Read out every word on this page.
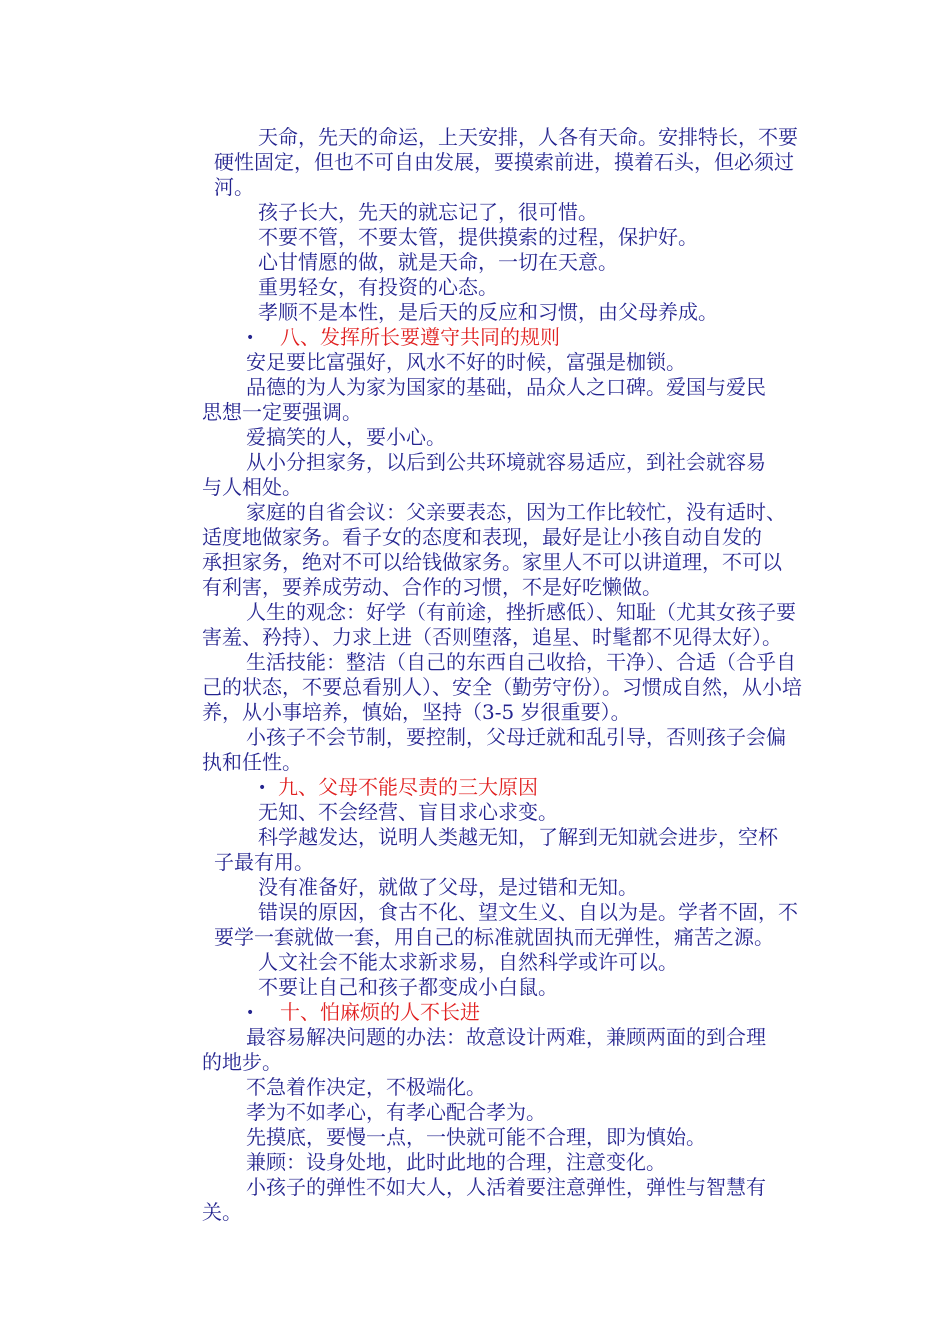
天命，先天的命运，上天安排，人各有天命。安排特长，不要
硬性固定，但也不可自由发展，要摸索前进，摸着石头，但必须过
河。
孩子长大，先天的就忘记了，很可惜。
不要不管，不要太管，提供摸索的过程，保护好。
心甘情愿的做，就是天命，一切在天意。
重男轻女，有投资的心态。
孝顺不是本性，是后天的反应和习惯，由父母养成。
• 八、发挥所长要遵守共同的规则
安足要比富强好，风水不好的时候，富强是枷锁。
品德的为人为家为国家的基础，品众人之口碑。爱国与爱民
思想一定要强调。
爱搞笑的人，要小心。
从小分担家务，以后到公共环境就容易适应，到社会就容易
与人相处。
家庭的自省会议：父亲要表态，因为工作比较忙，没有适时、
适度地做家务。看子女的态度和表现，最好是让小孩自动自发的
承担家务，绝对不可以给钱做家务。家里人不可以讲道理，不可以
有利害，要养成劳动、合作的习惯，不是好吃懒做。
人生的观念：好学（有前途，挫折感低）、知耻（尤其女孩子要
害羞、矜持）、力求上进（否则堕落，追星、时髦都不见得太好）。
生活技能：整洁（自己的东西自己收拾，干净）、合适（合乎自
己的状态，不要总看别人）、安全（勤劳守份）。习惯成自然，从小培
养，从小事培养，慎始，坚持（3-5 岁很重要）。
小孩子不会节制，要控制，父母迁就和乱引导，否则孩子会偏
执和任性。
• 九、父母不能尽责的三大原因
无知、不会经营、盲目求心求变。
科学越发达，说明人类越无知，了解到无知就会进步，空杯
子最有用。
没有准备好，就做了父母，是过错和无知。
错误的原因，食古不化、望文生义、自以为是。学者不固，不
要学一套就做一套，用自己的标准就固执而无弹性，痛苦之源。
人文社会不能太求新求易，自然科学或许可以。
不要让自己和孩子都变成小白鼠。
• 十、怕麻烦的人不长进
最容易解决问题的办法：故意设计两难，兼顾两面的到合理
的地步。
不急着作决定，不极端化。
孝为不如孝心，有孝心配合孝为。
先摸底，要慢一点，一快就可能不合理，即为慎始。
兼顾：设身处地，此时此地的合理，注意变化。
小孩子的弹性不如大人，人活着要注意弹性，弹性与智慧有
关。
